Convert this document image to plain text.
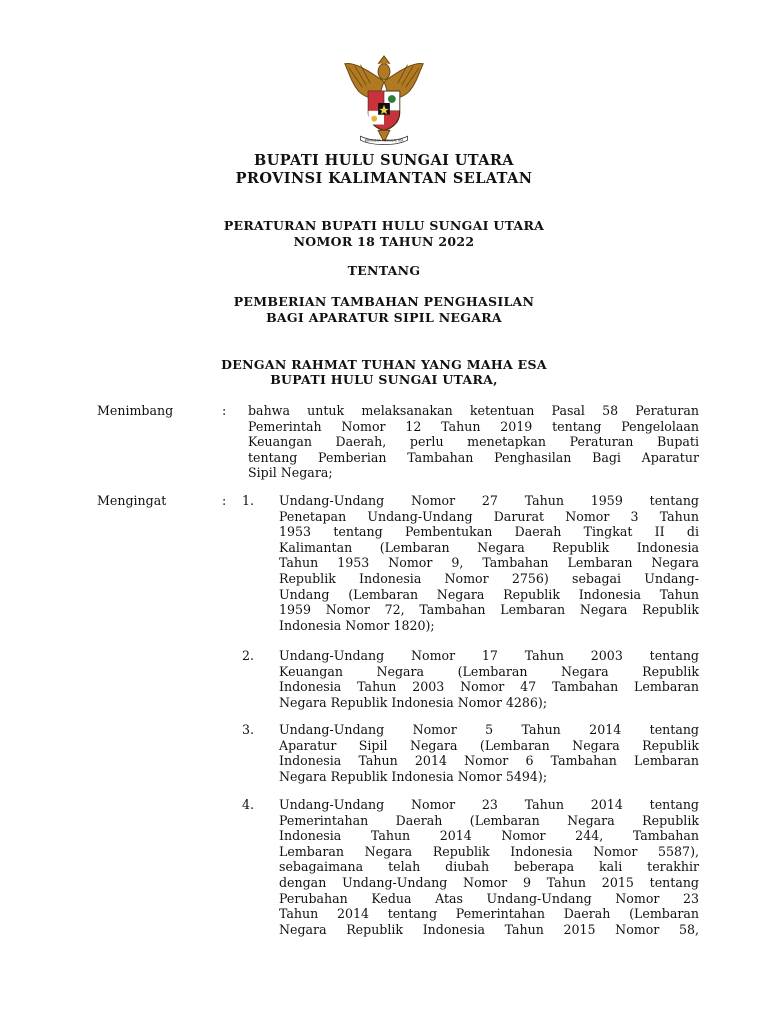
BHINNEKA TUNGGAL IKA
BUPATI HULU SUNGAI UTARA
PROVINSI KALIMANTAN SELATAN
PERATURAN BUPATI HULU SUNGAI UTARA
NOMOR 18 TAHUN 2022
TENTANG
PEMBERIAN TAMBAHAN PENGHASILAN
BAGI APARATUR SIPIL NEGARA
DENGAN RAHMAT TUHAN YANG MAHA ESA
BUPATI HULU SUNGAI UTARA,
Menimbang	: bahwa untuk melaksanakan ketentuan Pasal 58 Peraturan
Pemerintah Nomor 12 Tahun 2019 tentang Pengelolaan
Keuangan Daerah, perlu menetapkan Peraturan Bupati
tentang Pemberian Tambahan Penghasilan Bagi Aparatur
Sipil Negara;
Mengingat	: 1. Undang-Undang Nomor 27 Tahun 1959 tentang
Penetapan Undang-Undang Darurat Nomor 3 Tahun
1953 tentang Pembentukan Daerah Tingkat II di
Kalimantan (Lembaran Negara Republik Indonesia
Tahun 1953 Nomor 9, Tambahan Lembaran Negara
Republik Indonesia Nomor 2756) sebagai Undang-
Undang (Lembaran Negara Republik Indonesia Tahun
1959 Nomor 72, Tambahan Lembaran Negara Republik
Indonesia Nomor 1820);
2. Undang-Undang Nomor 17 Tahun 2003 tentang
Keuangan Negara (Lembaran Negara Republik
Indonesia Tahun 2003 Nomor 47 Tambahan Lembaran
Negara Republik Indonesia Nomor 4286);
3. Undang-Undang Nomor 5 Tahun 2014 tentang
Aparatur Sipil Negara (Lembaran Negara Republik
Indonesia Tahun 2014 Nomor 6 Tambahan Lembaran
Negara Republik Indonesia Nomor 5494);
4. Undang-Undang Nomor 23 Tahun 2014 tentang
Pemerintahan Daerah (Lembaran Negara Republik
Indonesia Tahun 2014 Nomor 244, Tambahan
Lembaran Negara Republik Indonesia Nomor 5587),
sebagaimana telah diubah beberapa kali terakhir
dengan Undang-Undang Nomor 9 Tahun 2015 tentang
Perubahan Kedua Atas Undang-Undang Nomor 23
Tahun 2014 tentang Pemerintahan Daerah (Lembaran
Negara Republik Indonesia Tahun 2015 Nomor 58,
